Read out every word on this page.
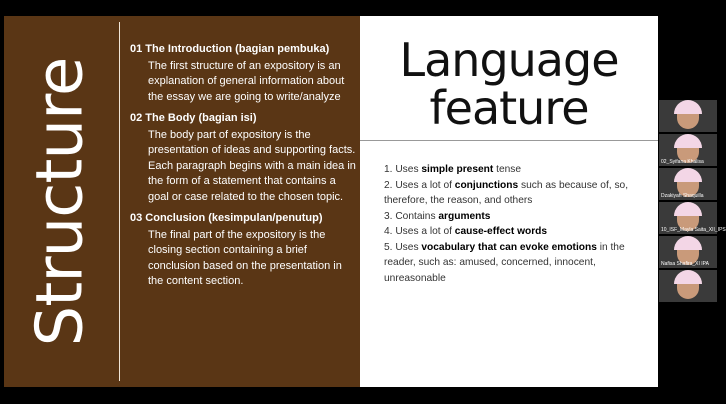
Structure

01 The Introduction (bagian pembuka)

The first structure of an expository is an explanation of general information about the essay we are going to write/analyze

02 The Body (bagian isi)

The body part of expository is the presentation of ideas and supporting facts. Each paragraph begins with a main idea in the form of a statement that contains a goal or case related to the chosen topic.

03 Conclusion (kesimpulan/penutup)

The final part of the expository is the closing section containing a brief conclusion based on the presentation in the content section.

Language feature
1. Uses simple present tense
2. Uses a lot of conjunctions such as because of, so, therefore, the reason, and others
3. Contains arguments
4. Uses a lot of cause-effect words
5. Uses vocabulary that can evoke emotions in the reader, such as: amused, concerned, innocent, unreasonable
02_Syifana Khalisa
Dzakiyah Shaquilla
10_ISF_Mayla Saita_XII_IPS
Nafisa Shafira_XI IPA
